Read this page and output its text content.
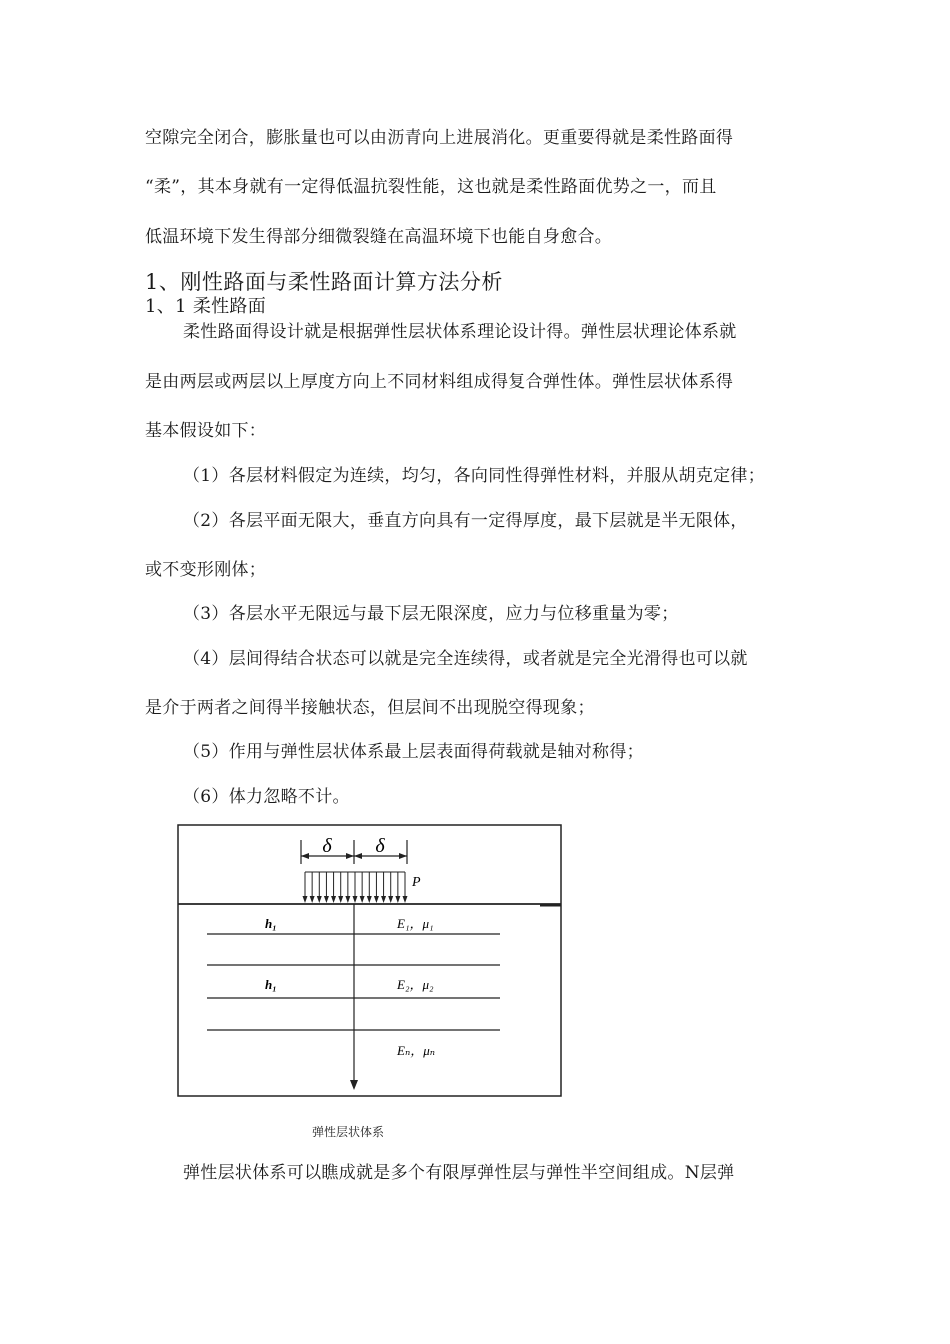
空隙完全闭合，膨胀量也可以由沥青向上进展消化。更重要得就是柔性路面得
“柔”，其本身就有一定得低温抗裂性能，这也就是柔性路面优势之一，而且
低温环境下发生得部分细微裂缝在高温环境下也能自身愈合。
1、刚性路面与柔性路面计算方法分析
1、1 柔性路面
柔性路面得设计就是根据弹性层状体系理论设计得。弹性层状理论体系就
是由两层或两层以上厚度方向上不同材料组成得复合弹性体。弹性层状体系得
基本假设如下：
（1）各层材料假定为连续，均匀，各向同性得弹性材料，并服从胡克定律；
（2）各层平面无限大，垂直方向具有一定得厚度，最下层就是半无限体，
或不变形刚体；
（3）各层水平无限远与最下层无限深度，应力与位移重量为零；
（4）层间得结合状态可以就是完全连续得，或者就是完全光滑得也可以就
是介于两者之间得半接触状态，但层间不出现脱空得现象；
（5）作用与弹性层状体系最上层表面得荷载就是轴对称得；
（6）体力忽略不计。
δ δ
P
h₁	E₁，μ₁
h₁	E₂，μ₂
Eₙ，μₙ
弹性层状体系
弹性层状体系可以瞧成就是多个有限厚弹性层与弹性半空间组成。N层弹
